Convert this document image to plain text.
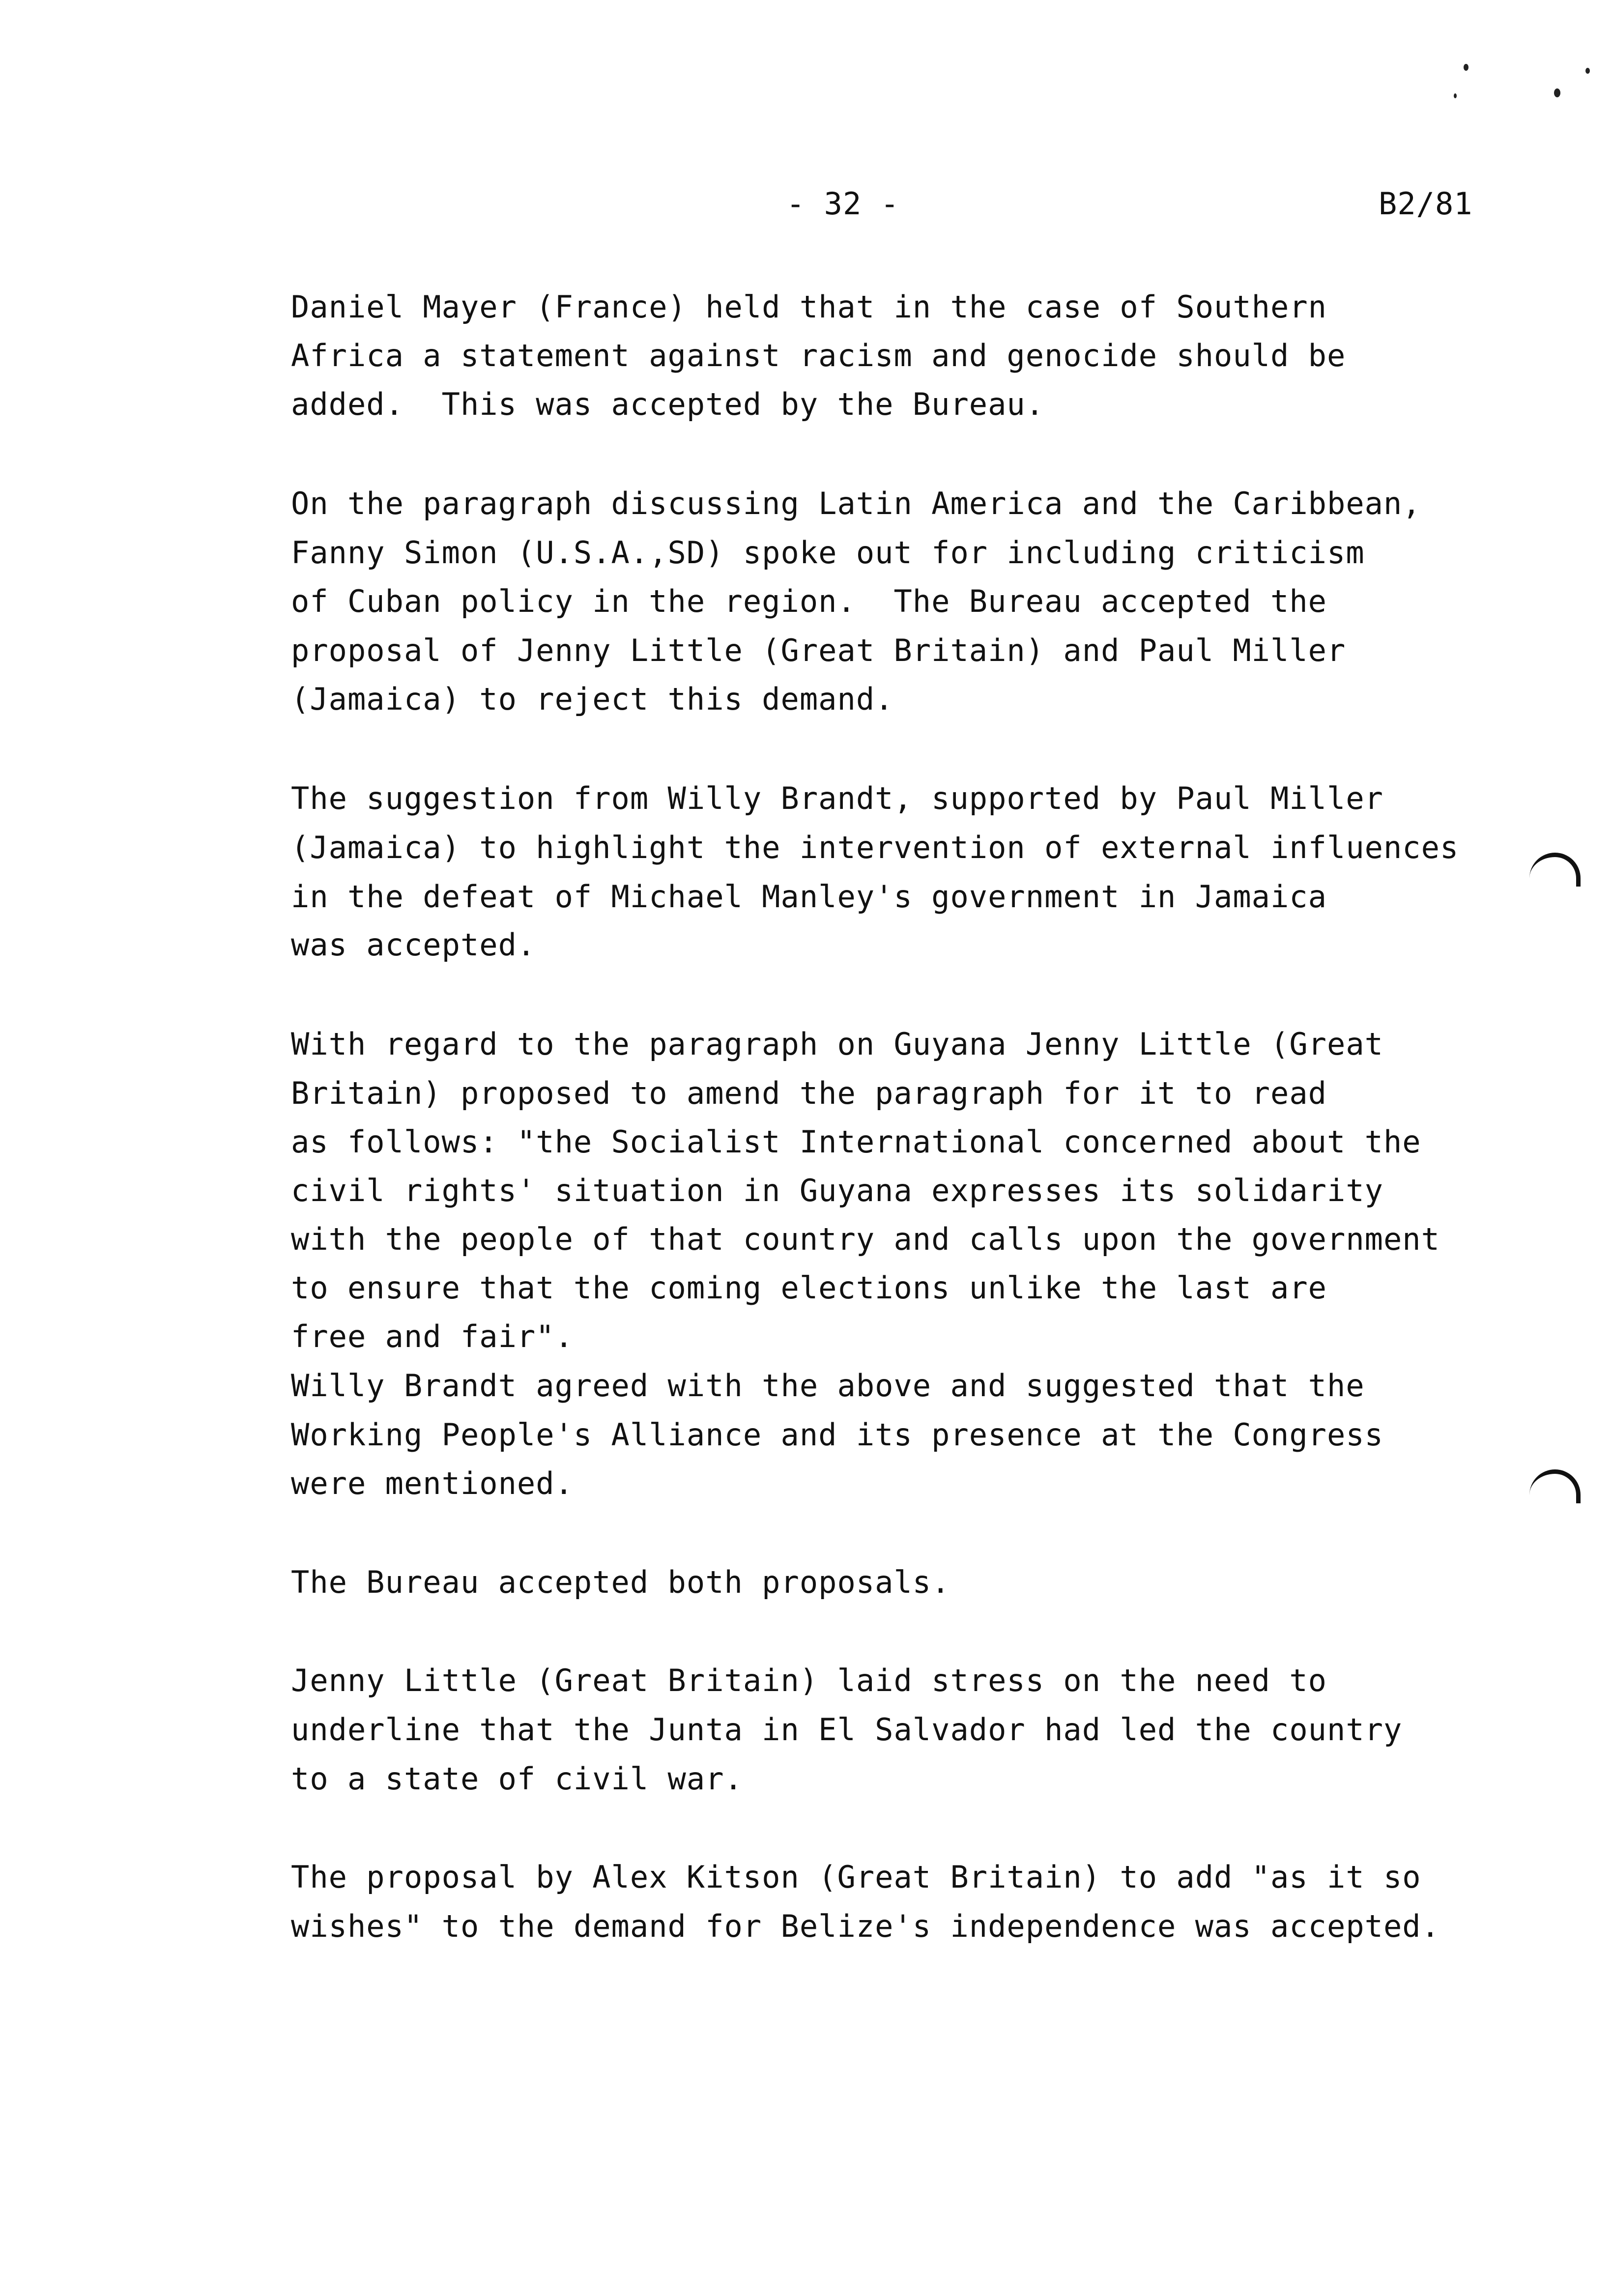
- 32 -	B2/81
Daniel Mayer (France) held that in the case of Southern
Africa a statement against racism and genocide should be
added.  This was accepted by the Bureau.
On the paragraph discussing Latin America and the Caribbean,
Fanny Simon (U.S.A.,SD) spoke out for including criticism
of Cuban policy in the region.  The Bureau accepted the
proposal of Jenny Little (Great Britain) and Paul Miller
(Jamaica) to reject this demand.
The suggestion from Willy Brandt, supported by Paul Miller
(Jamaica) to highlight the intervention of external influences
in the defeat of Michael Manley's government in Jamaica
was accepted.
With regard to the paragraph on Guyana Jenny Little (Great
Britain) proposed to amend the paragraph for it to read
as follows: "the Socialist International concerned about the
civil rights' situation in Guyana expresses its solidarity
with the people of that country and calls upon the government
to ensure that the coming elections unlike the last are
free and fair".
Willy Brandt agreed with the above and suggested that the
Working People's Alliance and its presence at the Congress
were mentioned.
The Bureau accepted both proposals.
Jenny Little (Great Britain) laid stress on the need to
underline that the Junta in El Salvador had led the country
to a state of civil war.
The proposal by Alex Kitson (Great Britain) to add "as it so
wishes" to the demand for Belize's independence was accepted.
